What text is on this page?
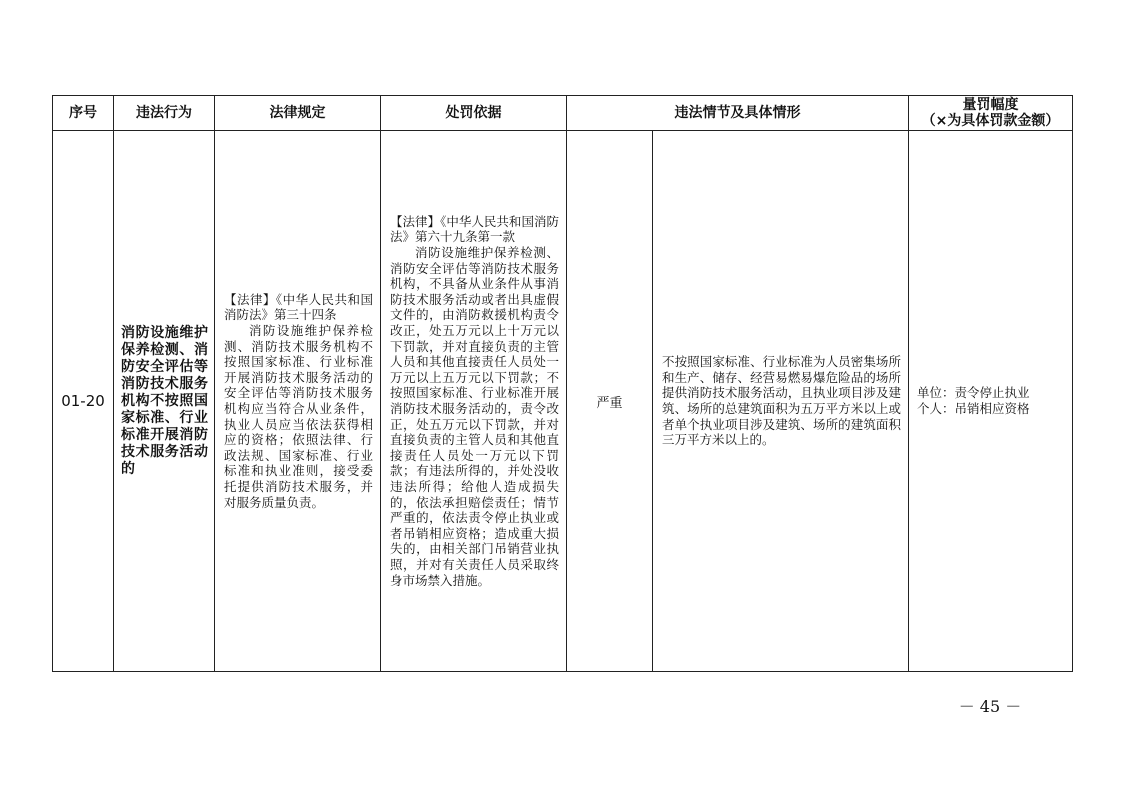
序号	违法行为	法律规定	处罚依据	违法情节及具体情形		量罚幅度
（×为具体罚款金额）

01-20	消防设施维护保养检测、消防安全评估等消防技术服务机构不按照国家标准、行业标准开展消防技术服务活动的	【法律】《中华人民共和国消防法》第三十四条
消防设施维护保养检测、消防技术服务机构不按照国家标准、行业标准开展消防技术服务活动的安全评估等消防技术服务机构应当符合从业条件，执业人员应当依法获得相应的资格；依照法律、行政法规、国家标准、行业标准和执业准则，接受委托提供消防技术服务，并对服务质量负责。	【法律】《中华人民共和国消防法》第六十九条第一款
消防设施维护保养检测、消防安全评估等消防技术服务机构，不具备从业条件从事消防技术服务活动或者出具虚假文件的，由消防救援机构责令改正，处五万元以上十万元以下罚款，并对直接负责的主管人员和其他直接责任人员处一万元以上五万元以下罚款；不按照国家标准、行业标准开展消防技术服务活动的，责令改正，处五万元以下罚款，并对直接负责的主管人员和其他直接责任人员处一万元以下罚款；有违法所得的，并处没收违法所得；给他人造成损失的，依法承担赔偿责任；情节严重的，依法责令停止执业或者吊销相应资格；造成重大损失的，由相关部门吊销营业执照，并对有关责任人员采取终身市场禁入措施。	严重	不按照国家标准、行业标准为人员密集场所和生产、储存、经营易燃易爆危险品的场所提供消防技术服务活动，且执业项目涉及建筑、场所的总建筑面积为五万平方米以上或者单个执业项目涉及建筑、场所的建筑面积三万平方米以上的。	单位：责令停止执业
个人：吊销相应资格
－ 45 －
